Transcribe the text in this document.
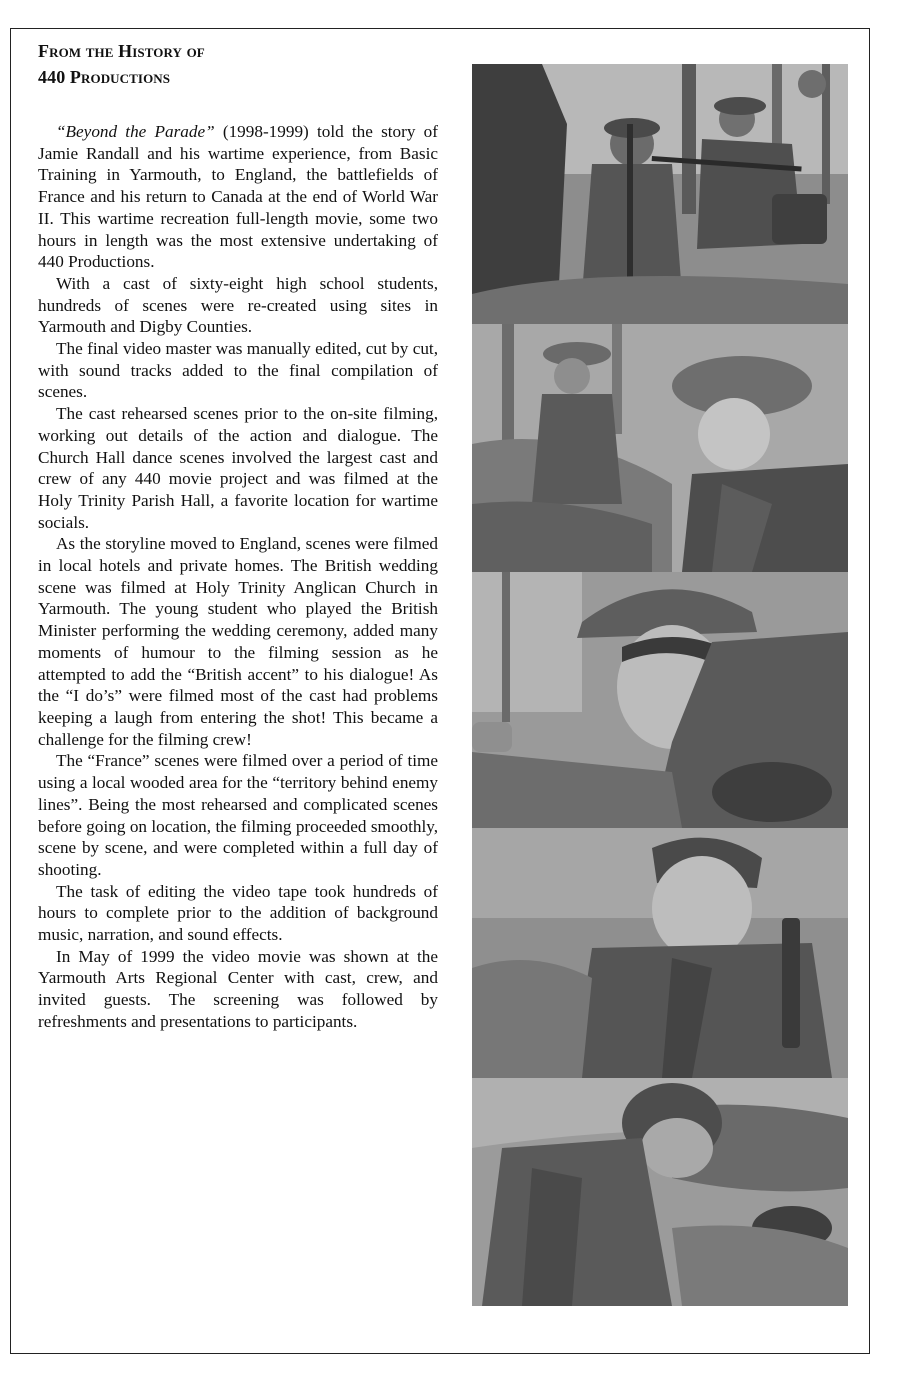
From the History of
440 Productions

“Beyond the Parade” (1998-1999) told the story of Jamie Randall and his wartime experience, from Basic Training in Yarmouth, to England, the battlefields of France and his return to Canada at the end of World War II. This wartime recreation full-length movie, some two hours in length was the most extensive undertaking of 440 Productions.

With a cast of sixty-eight high school students, hundreds of scenes were re-created using sites in Yarmouth and Digby Counties.

The final video master was manually edited, cut by cut, with sound tracks added to the final compilation of scenes.

The cast rehearsed scenes prior to the on-site filming, working out details of the action and dialogue. The Church Hall dance scenes involved the largest cast and crew of any 440 movie project and was filmed at the Holy Trinity Parish Hall, a favorite location for wartime socials.

As the storyline moved to England, scenes were filmed in local hotels and private homes. The British wedding scene was filmed at Holy Trinity Anglican Church in Yarmouth. The young student who played the British Minister performing the wedding ceremony, added many moments of humour to the filming session as he attempted to add the “British accent” to his dialogue! As the “I do’s” were filmed most of the cast had problems keeping a laugh from entering the shot! This became a challenge for the filming crew!

The “France” scenes were filmed over a period of time using a local wooded area for the “territory behind enemy lines”. Being the most rehearsed and complicated scenes before going on location, the filming proceeded smoothly, scene by scene, and were completed within a full day of shooting.

The task of editing the video tape took hundreds of hours to complete prior to the addition of background music, narration, and sound effects.

In May of 1999 the video movie was shown at the Yarmouth Arts Regional Center with cast, crew, and invited guests. The screening was followed by refreshments and presentations to participants.
